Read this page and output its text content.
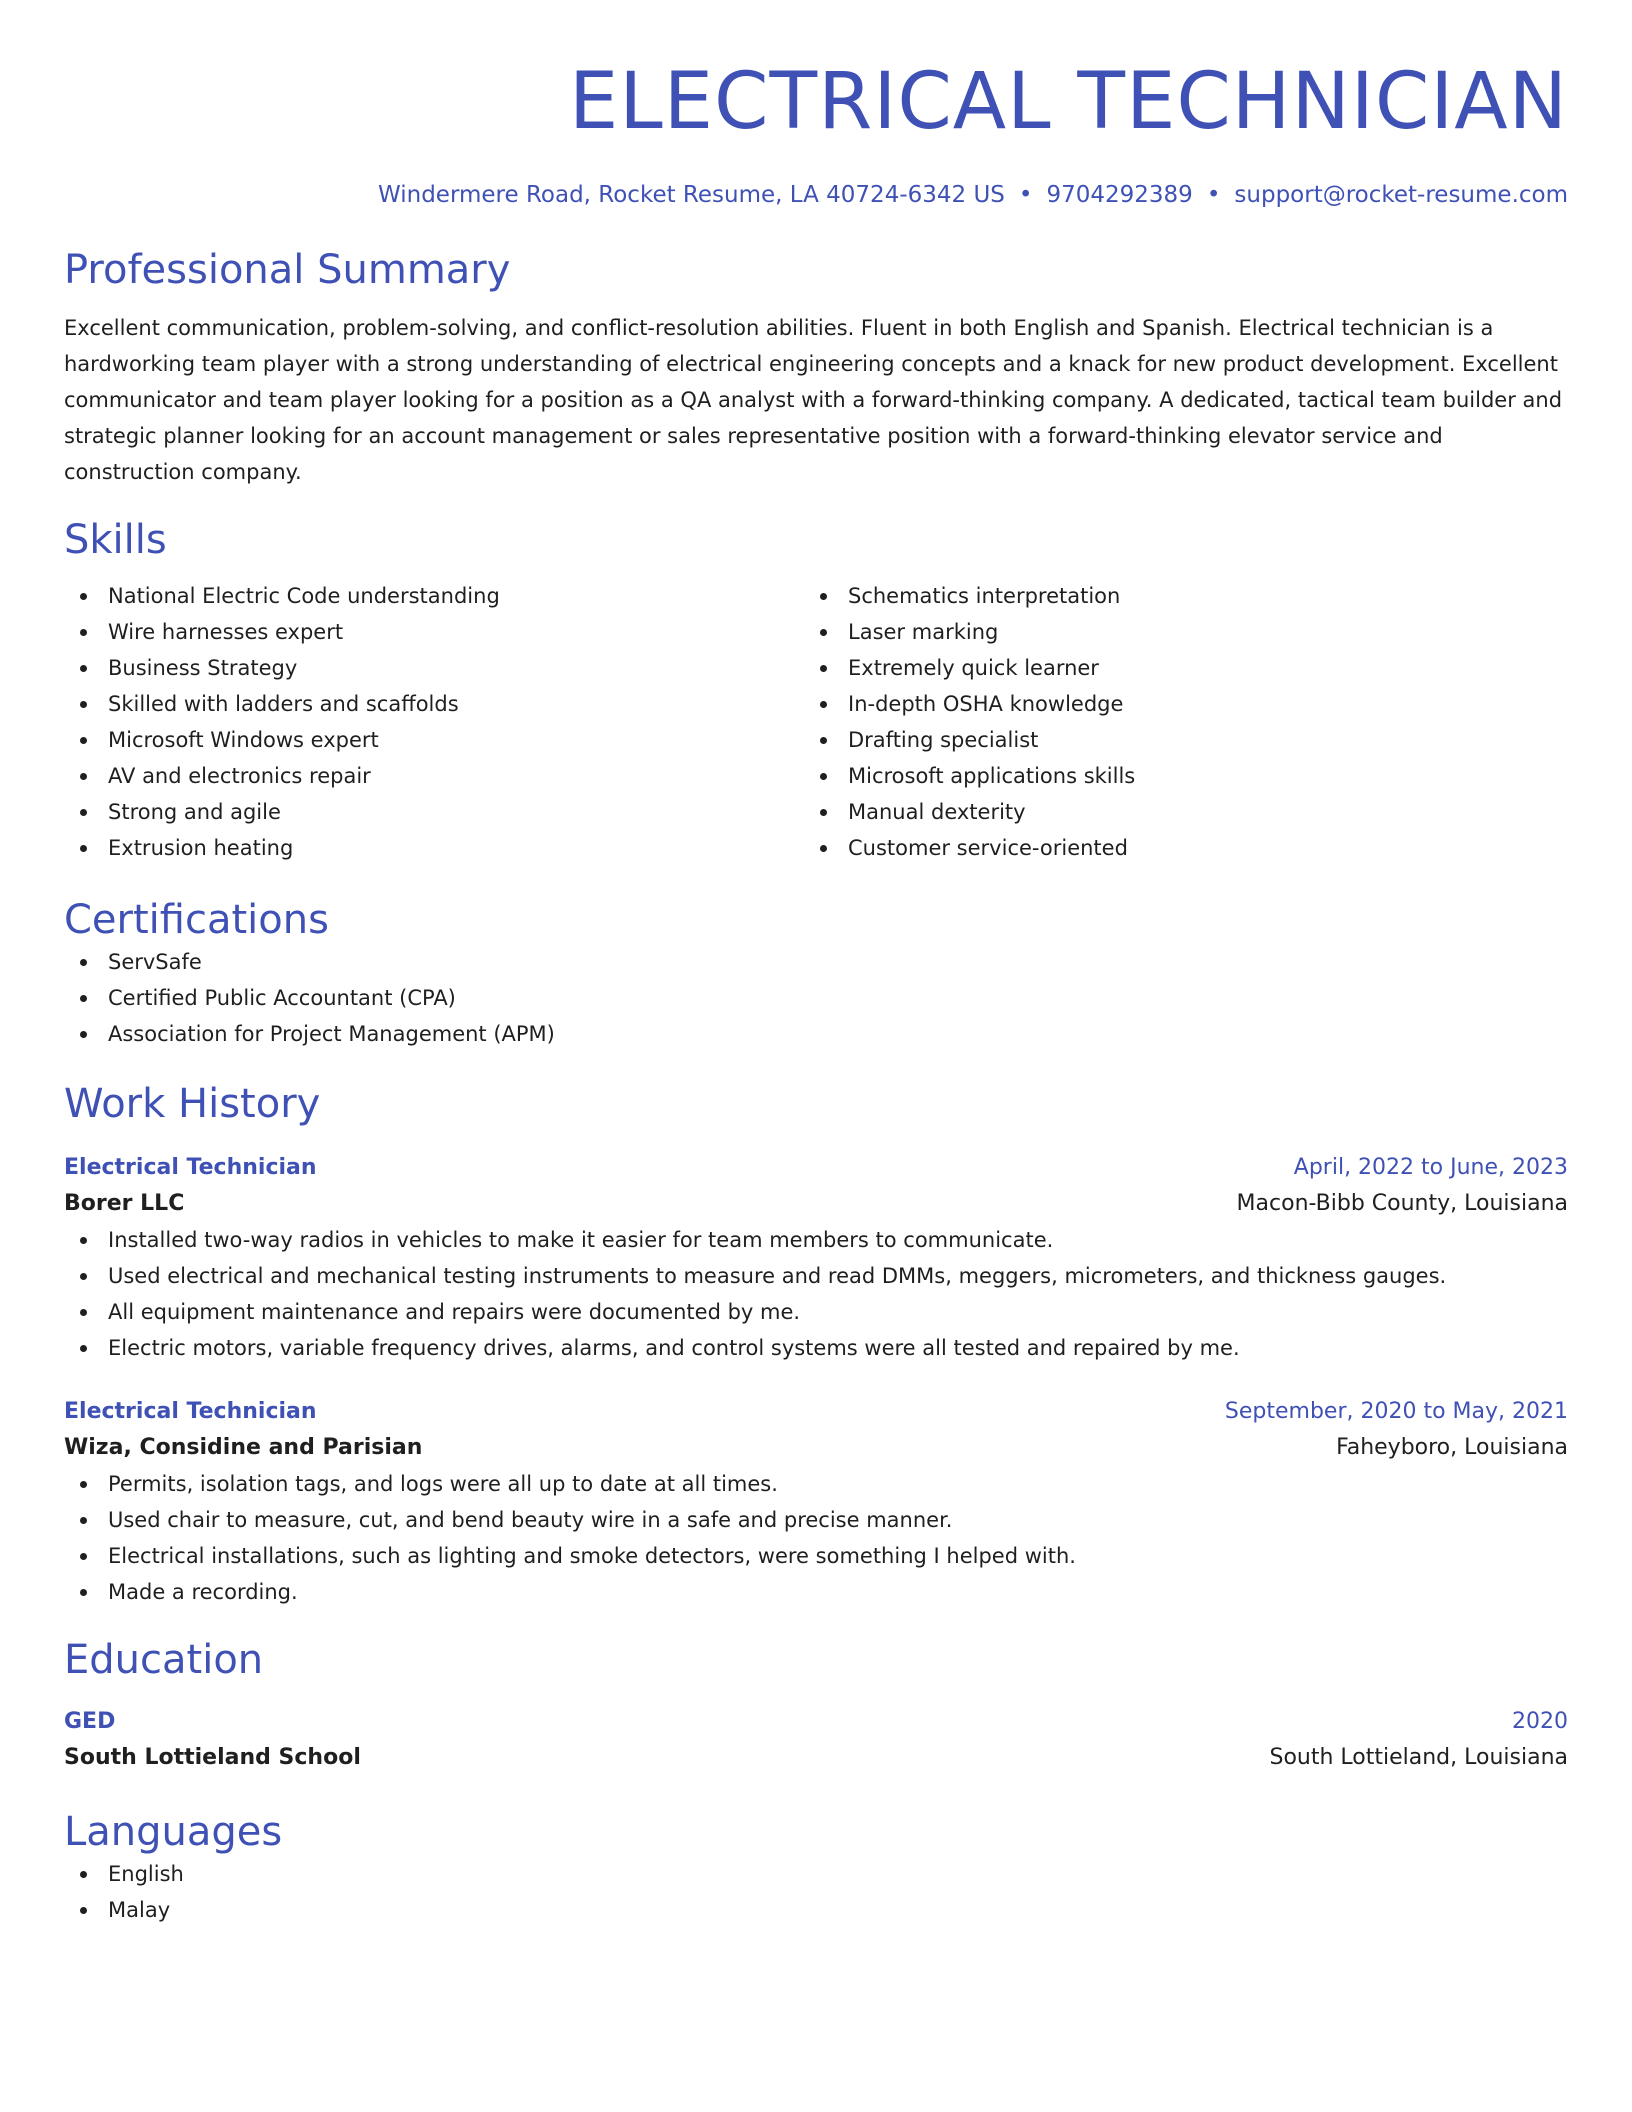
ELECTRICAL TECHNICIAN
Windermere Road, Rocket Resume, LA 40724-6342 US • 9704292389 • support@rocket-resume.com
Professional Summary

Excellent communication, problem-solving, and conflict-resolution abilities. Fluent in both English and Spanish. Electrical technician is a hardworking team player with a strong understanding of electrical engineering concepts and a knack for new product development. Excellent communicator and team player looking for a position as a QA analyst with a forward-thinking company. A dedicated, tactical team builder and strategic planner looking for an account management or sales representative position with a forward-thinking elevator service and construction company.

Skills
National Electric Code understanding
Wire harnesses expert
Business Strategy
Skilled with ladders and scaffolds
Microsoft Windows expert
AV and electronics repair
Strong and agile
Extrusion heating
Schematics interpretation
Laser marking
Extremely quick learner
In-depth OSHA knowledge
Drafting specialist
Microsoft applications skills
Manual dexterity
Customer service-oriented
Certifications
ServSafe
Certified Public Accountant (CPA)
Association for Project Management (APM)
Work History
Electrical Technician	April, 2022 to June, 2023
Borer LLC	Macon-Bibb County, Louisiana
Installed two-way radios in vehicles to make it easier for team members to communicate.
Used electrical and mechanical testing instruments to measure and read DMMs, meggers, micrometers, and thickness gauges.
All equipment maintenance and repairs were documented by me.
Electric motors, variable frequency drives, alarms, and control systems were all tested and repaired by me.
Electrical Technician	September, 2020 to May, 2021
Wiza, Considine and Parisian	Faheyboro, Louisiana
Permits, isolation tags, and logs were all up to date at all times.
Used chair to measure, cut, and bend beauty wire in a safe and precise manner.
Electrical installations, such as lighting and smoke detectors, were something I helped with.
Made a recording.
Education
GED	2020
South Lottieland School	South Lottieland, Louisiana
Languages
English
Malay
